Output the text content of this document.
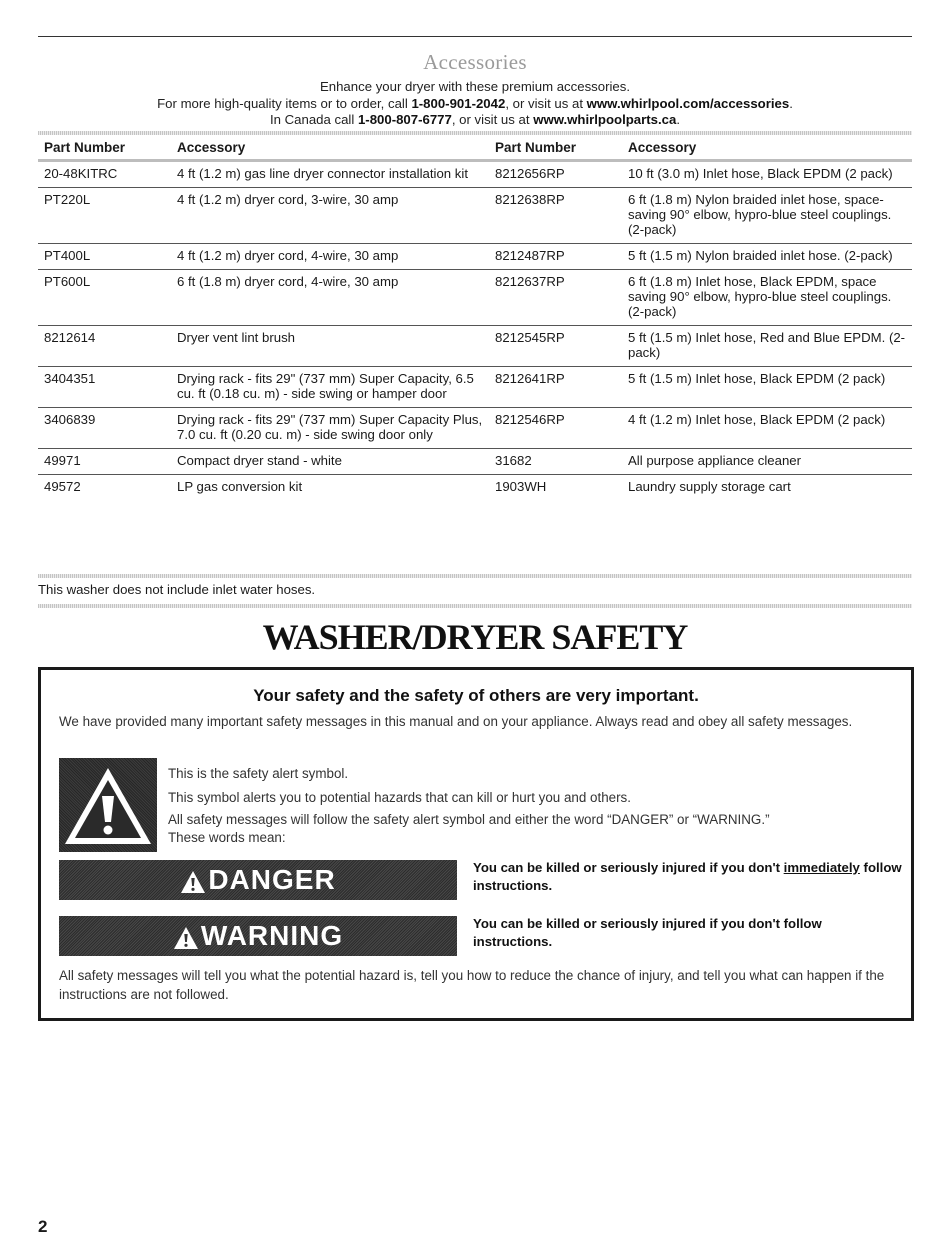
Accessories
Enhance your dryer with these premium accessories.
For more high-quality items or to order, call 1-800-901-2042, or visit us at www.whirlpool.com/accessories.
In Canada call 1-800-807-6777, or visit us at www.whirlpoolparts.ca.
Part Number	Accessory	Part Number	Accessory
20-48KITRC	4 ft (1.2 m) gas line dryer connector installation kit	8212656RP	10 ft (3.0 m) Inlet hose, Black EPDM (2 pack)
PT220L	4 ft (1.2 m) dryer cord, 3-wire, 30 amp	8212638RP	6 ft (1.8 m) Nylon braided inlet hose, space-saving 90° elbow, hypro-blue steel couplings. (2-pack)
PT400L	4 ft (1.2 m) dryer cord, 4-wire, 30 amp	8212487RP	5 ft (1.5 m) Nylon braided inlet hose. (2-pack)
PT600L	6 ft (1.8 m) dryer cord, 4-wire, 30 amp	8212637RP	6 ft (1.8 m) Inlet hose, Black EPDM, space saving 90° elbow, hypro-blue steel couplings. (2-pack)
8212614	Dryer vent lint brush	8212545RP	5 ft (1.5 m) Inlet hose, Red and Blue EPDM. (2-pack)
3404351	Drying rack - fits 29" (737 mm) Super Capacity, 6.5 cu. ft (0.18 cu. m) - side swing or hamper door	8212641RP	5 ft (1.5 m) Inlet hose, Black EPDM (2 pack)
3406839	Drying rack - fits 29" (737 mm) Super Capacity Plus, 7.0 cu. ft (0.20 cu. m) - side swing door only	8212546RP	4 ft (1.2 m) Inlet hose, Black EPDM (2 pack)
49971	Compact dryer stand - white	31682	All purpose appliance cleaner
49572	LP gas conversion kit	1903WH	Laundry supply storage cart
This washer does not include inlet water hoses.
WASHER/DRYER SAFETY
Your safety and the safety of others are very important.
We have provided many important safety messages in this manual and on your appliance. Always read and obey all safety messages.
This is the safety alert symbol.
This symbol alerts you to potential hazards that can kill or hurt you and others.
All safety messages will follow the safety alert symbol and either the word “DANGER” or “WARNING.”
These words mean:
DANGER	You can be killed or seriously injured if you don't immediately follow instructions.
WARNING	You can be killed or seriously injured if you don't follow instructions.
All safety messages will tell you what the potential hazard is, tell you how to reduce the chance of injury, and tell you what can happen if the instructions are not followed.
2
